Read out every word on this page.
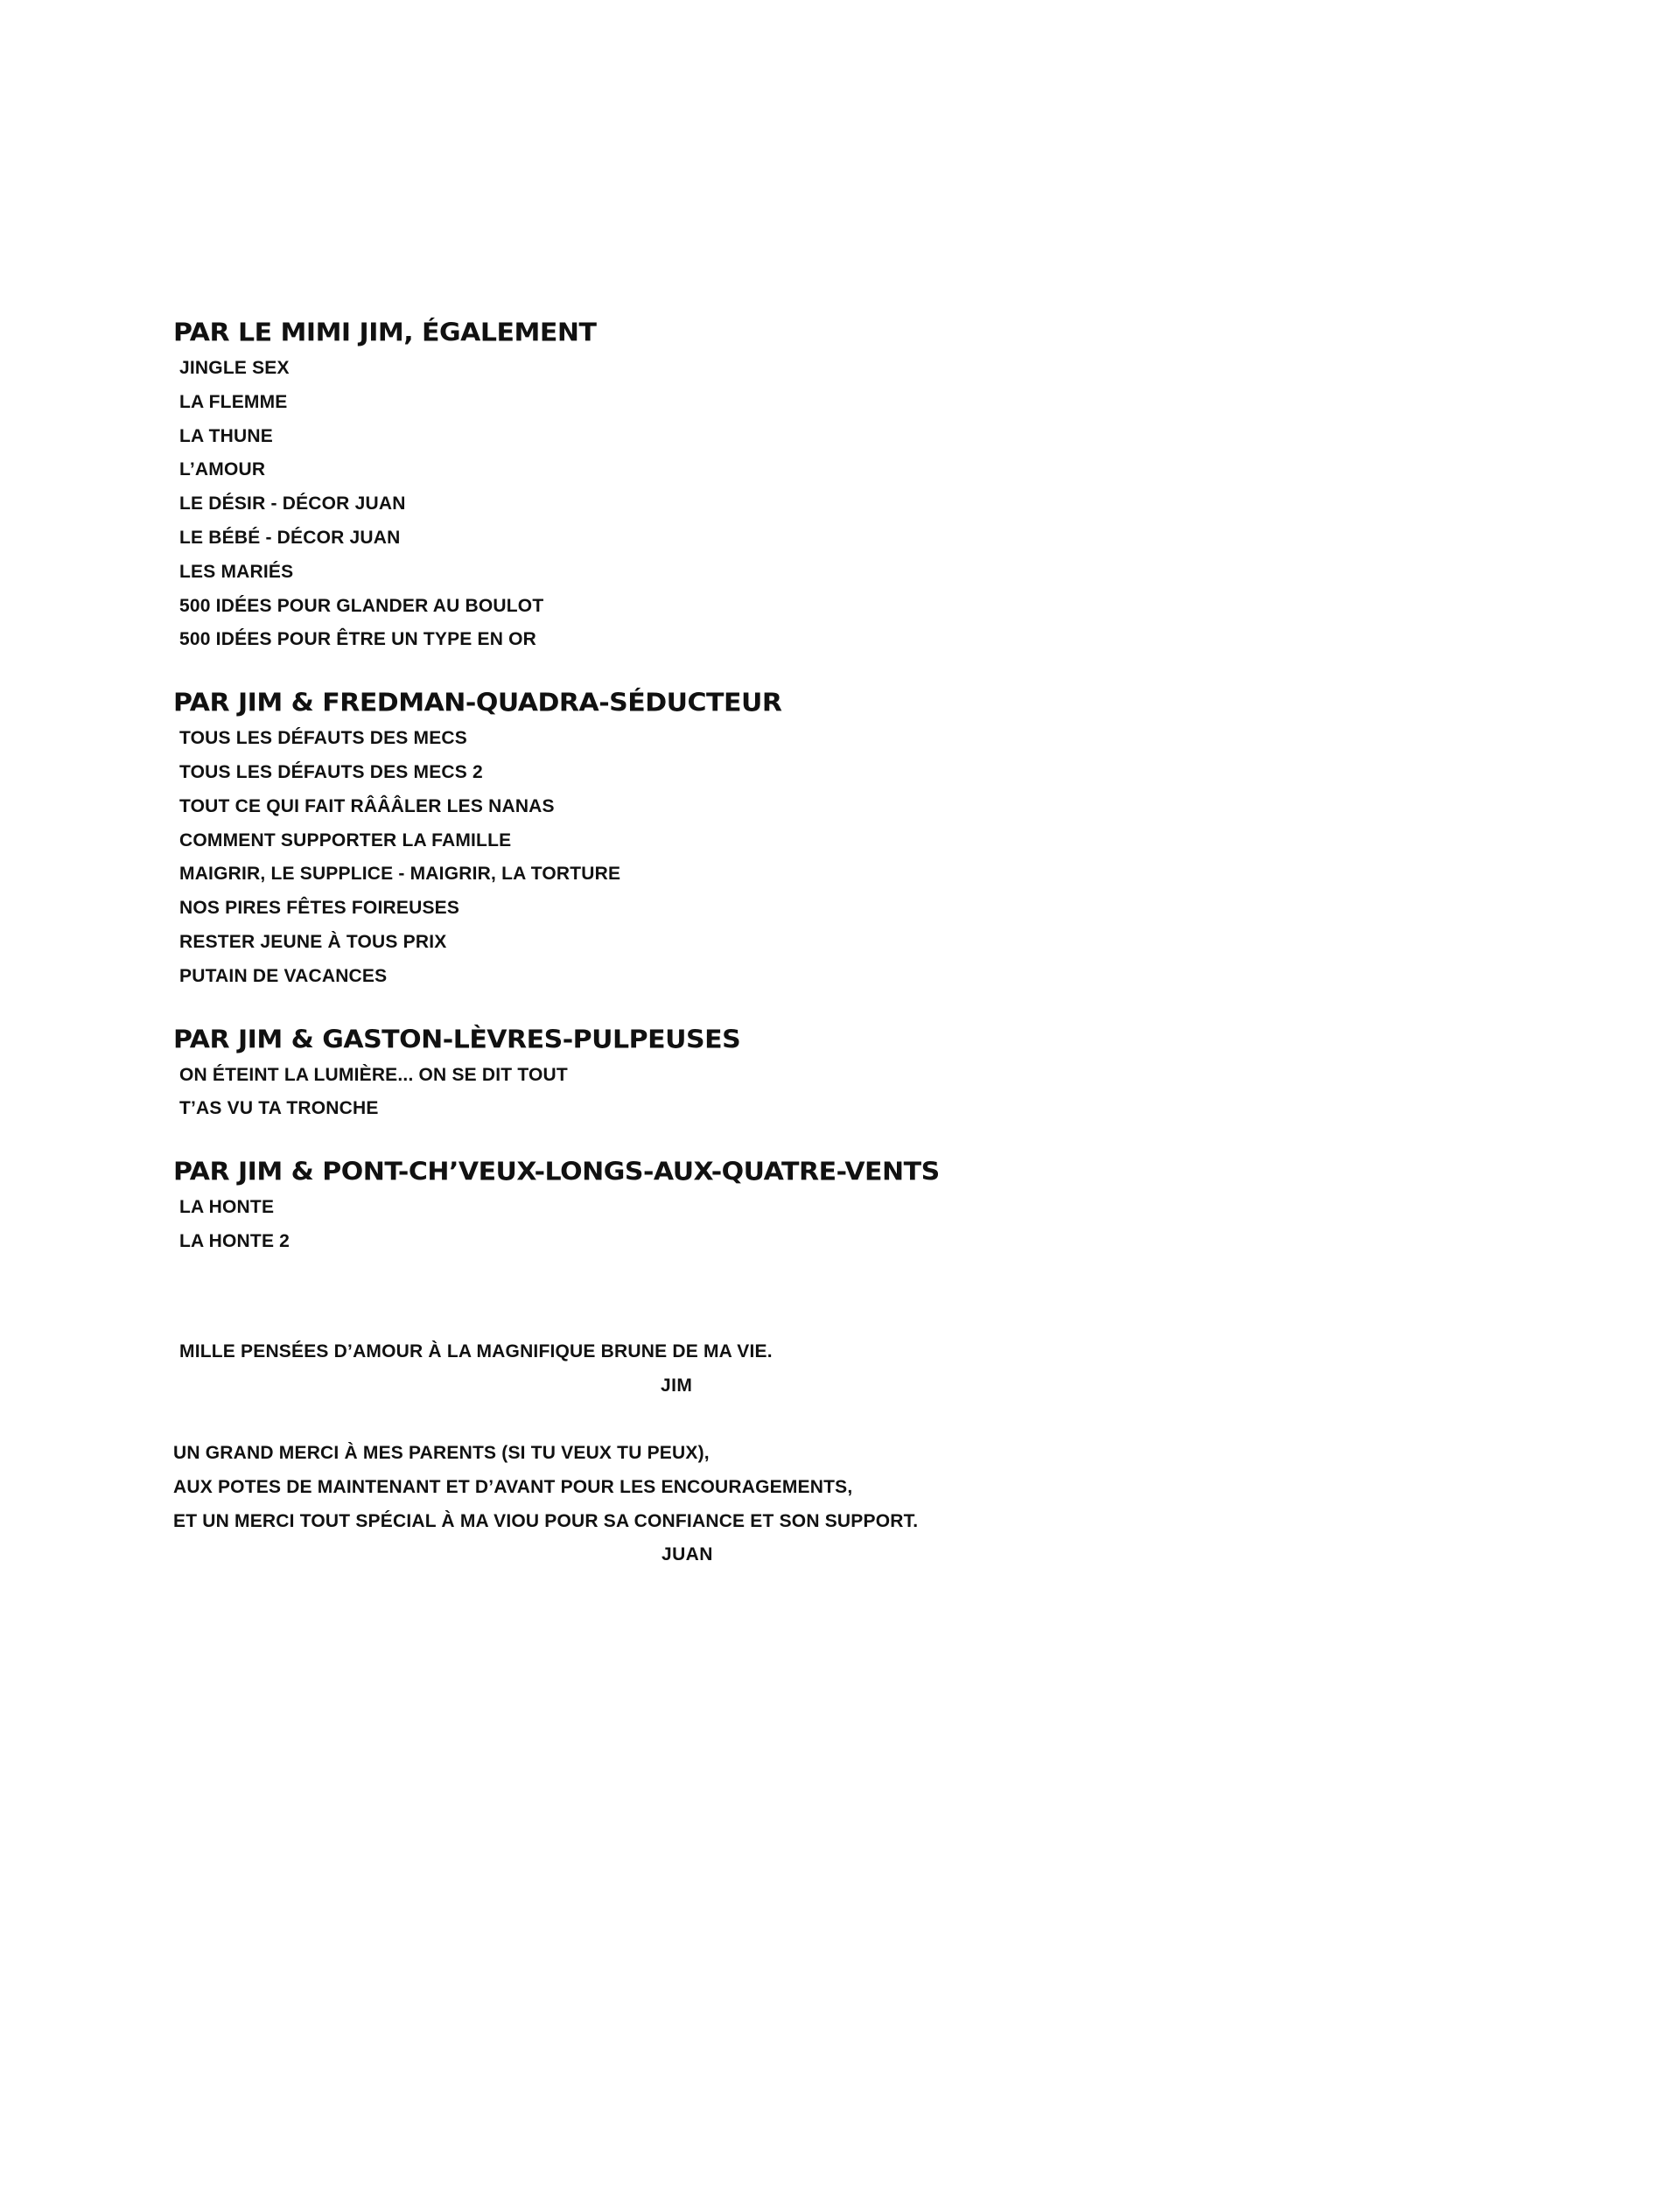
PAR LE MIMI JIM, ÉGALEMENT
JINGLE SEX
LA FLEMME
LA THUNE
L’AMOUR
LE DÉSIR - DÉCOR JUAN
LE BÉBÉ - DÉCOR JUAN
LES MARIÉS
500 IDÉES POUR GLANDER AU BOULOT
500 IDÉES POUR ÊTRE UN TYPE EN OR
PAR JIM & FREDMAN-QUADRA-SÉDUCTEUR
TOUS LES DÉFAUTS DES MECS
TOUS LES DÉFAUTS DES MECS 2
TOUT CE QUI FAIT RÂÂÂLER LES NANAS
COMMENT SUPPORTER LA FAMILLE
MAIGRIR, LE SUPPLICE - MAIGRIR, LA TORTURE
NOS PIRES FÊTES FOIREUSES
RESTER JEUNE À TOUS PRIX
PUTAIN DE VACANCES
PAR JIM & GASTON-LÈVRES-PULPEUSES
ON ÉTEINT LA LUMIÈRE... ON SE DIT TOUT
T’AS VU TA TRONCHE
PAR JIM & PONT-CH’VEUX-LONGS-AUX-QUATRE-VENTS
LA HONTE
LA HONTE 2
MILLE PENSÉES D’AMOUR À LA MAGNIFIQUE BRUNE DE MA VIE.
JIM
UN GRAND MERCI À MES PARENTS (SI TU VEUX TU PEUX),
AUX POTES DE MAINTENANT ET D’AVANT POUR LES ENCOURAGEMENTS,
ET UN MERCI TOUT SPÉCIAL À MA VIOU POUR SA CONFIANCE ET SON SUPPORT.
JUAN
